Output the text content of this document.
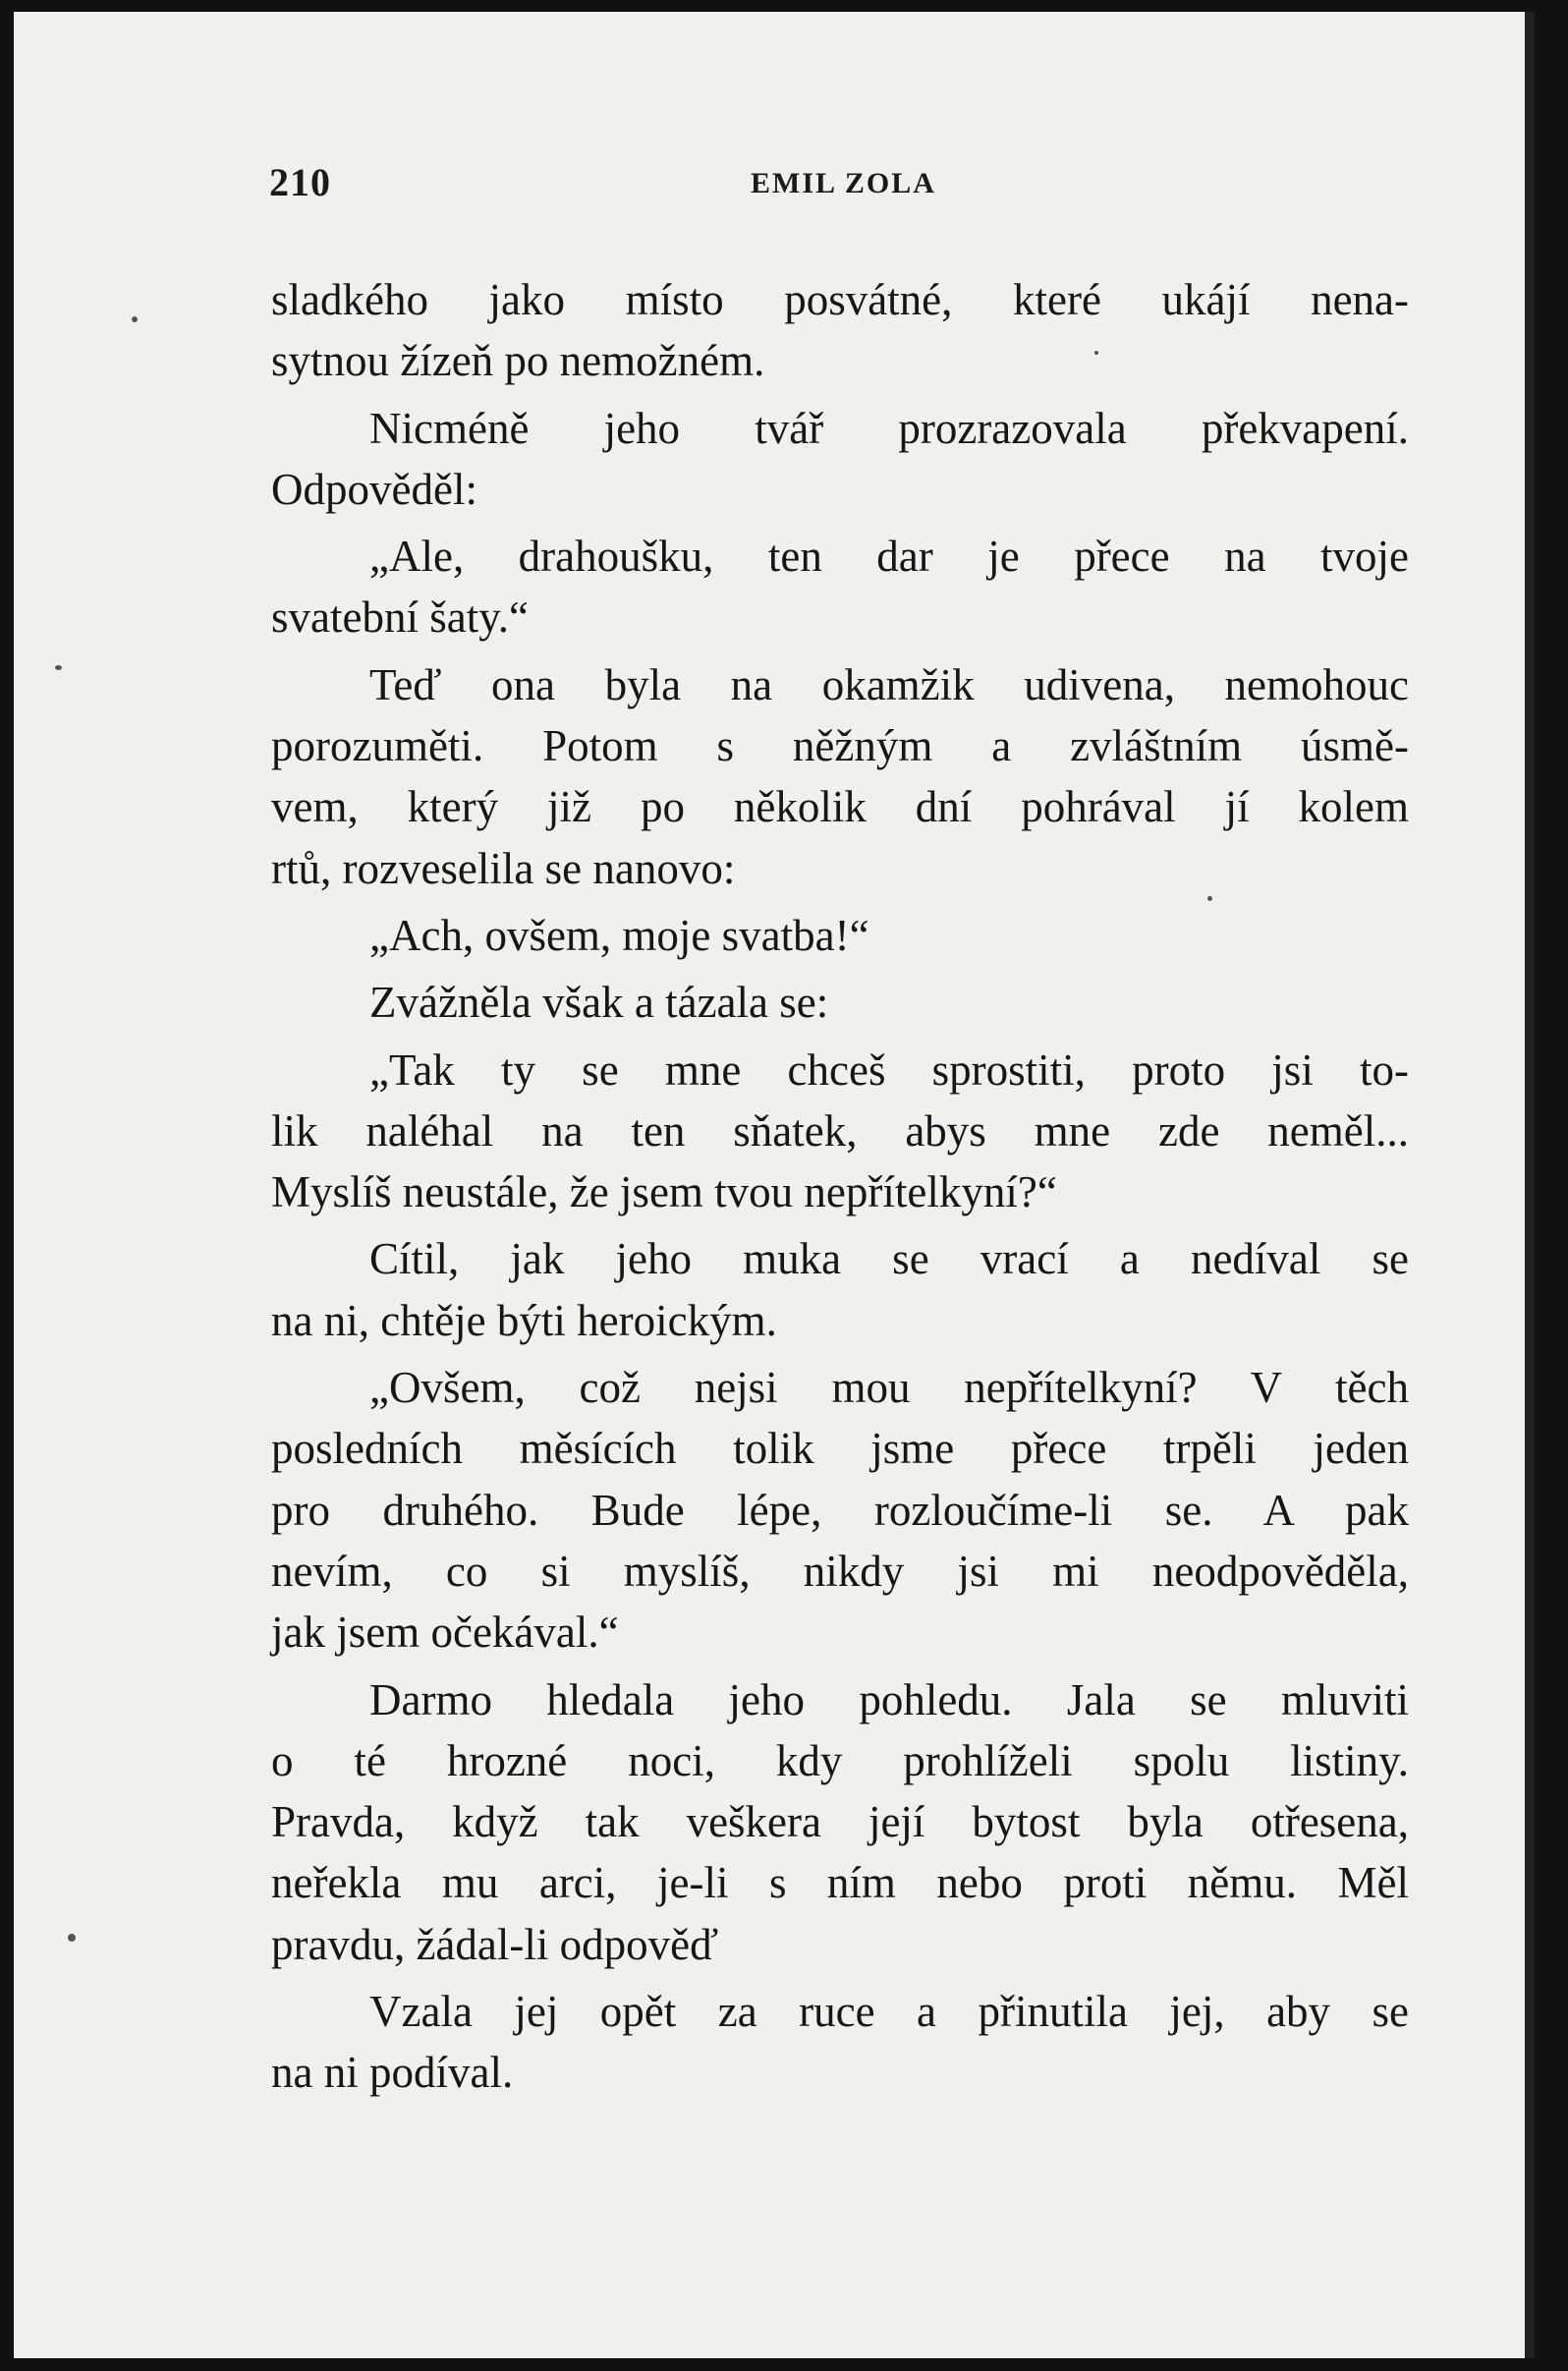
210	EMIL ZOLA
sladkého jako místo posvátné, které ukájí nena-
sytnou žízeň po nemožném.
Nicméně jeho tvář prozrazovala překvapení.
Odpověděl:
„Ale, drahoušku, ten dar je přece na tvoje
svatební šaty.“
Teď ona byla na okamžik udivena, nemohouc
porozuměti. Potom s něžným a zvláštním úsmě-
vem, který již po několik dní pohrával jí kolem
rtů, rozveselila se nanovo:
„Ach, ovšem, moje svatba!“
Zvážněla však a tázala se:
„Tak ty se mne chceš sprostiti, proto jsi to-
lik naléhal na ten sňatek, abys mne zde neměl...
Myslíš neustále, že jsem tvou nepřítelkyní?“
Cítil, jak jeho muka se vrací a nedíval se
na ni, chtěje býti heroickým.
„Ovšem, což nejsi mou nepřítelkyní? V těch
posledních měsících tolik jsme přece trpěli jeden
pro druhého. Bude lépe, rozloučíme-li se. A pak
nevím, co si myslíš, nikdy jsi mi neodpověděla,
jak jsem očekával.“
Darmo hledala jeho pohledu. Jala se mluviti
o té hrozné noci, kdy prohlíželi spolu listiny.
Pravda, když tak veškera její bytost byla otřesena,
neřekla mu arci, je-li s ním nebo proti němu. Měl
pravdu, žádal-li odpověď
Vzala jej opět za ruce a přinutila jej, aby se
na ni podíval.
